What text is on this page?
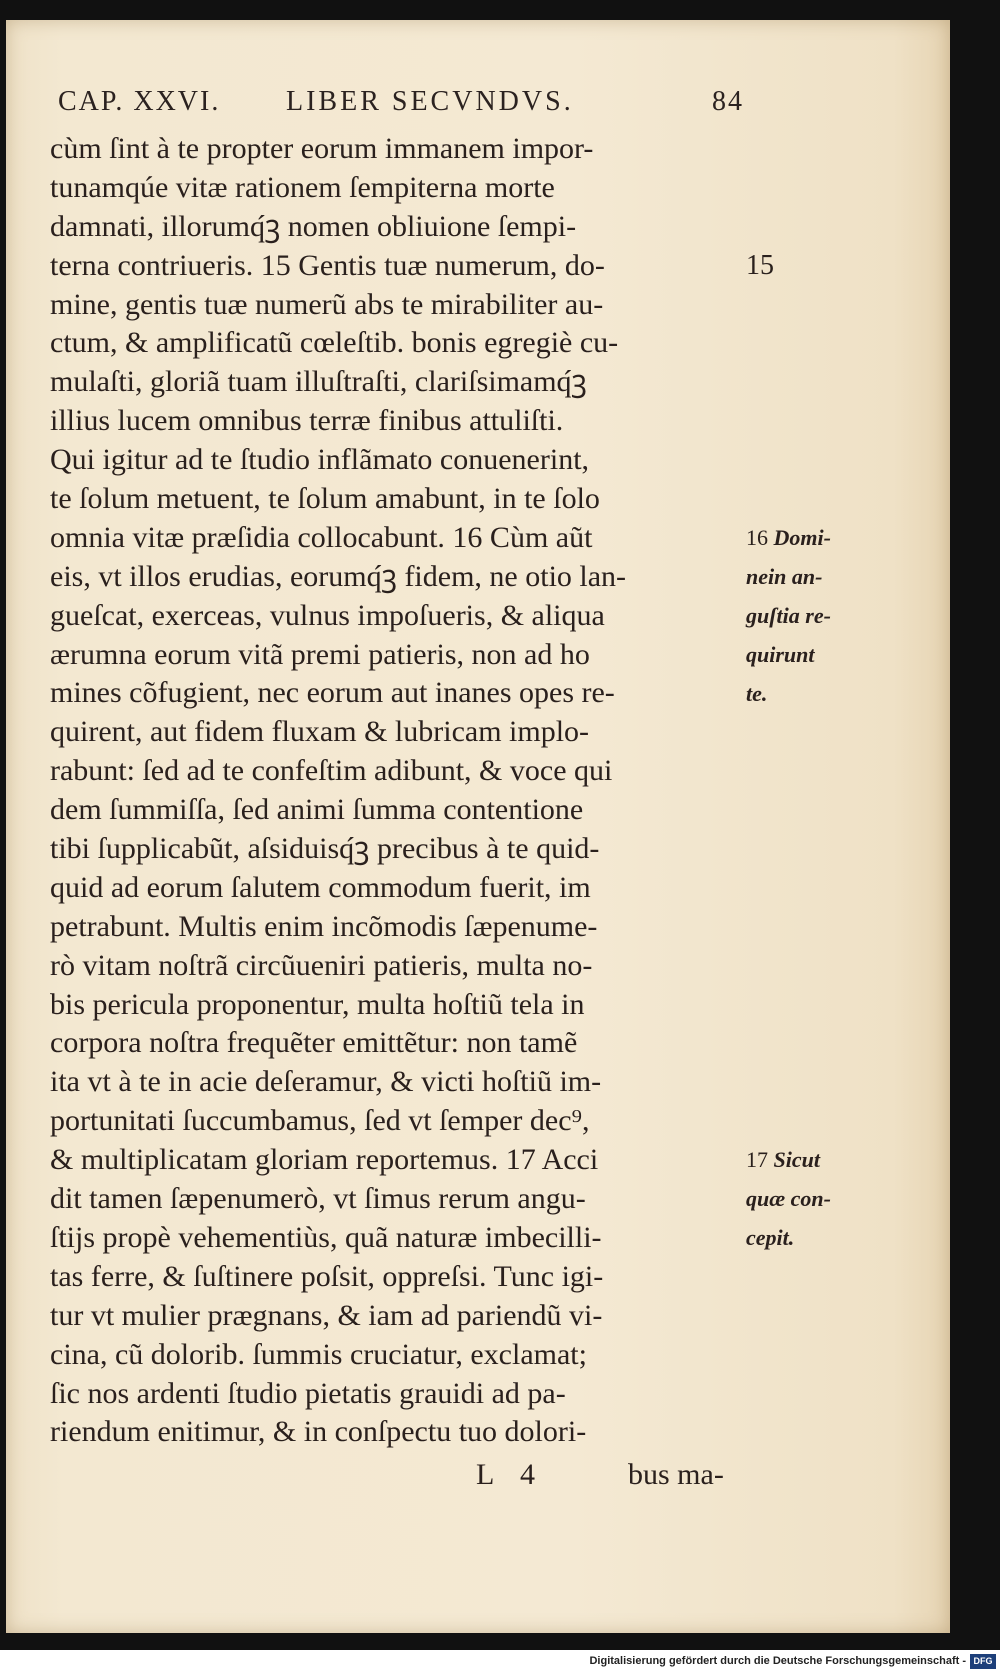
CAP. XXVI. LIBER SECVNDVS.	84
cùm ſint à te propter eorum immanem impor-
tunamqúe vitæ rationem ſempiterna morte
damnati, illorumq́ꝫ nomen obliuione ſempi-
terna contriueris. 15 Gentis tuæ numerum, do-
mine, gentis tuæ numerũ abs te mirabiliter au-
ctum, & amplificatũ cœleſtib. bonis egregiè cu-
mulaſti, gloriã tuam illuſtraſti, clariſsimamq́ꝫ
illius lucem omnibus terræ finibus attuliſti.
Qui igitur ad te ſtudio inflãmato conuenerint,
te ſolum metuent, te ſolum amabunt, in te ſolo
omnia vitæ præſidia collocabunt. 16 Cùm aũt
eis, vt illos erudias, eorumq́ꝫ fidem, ne otio lan-
gueſcat, exerceas, vulnus impoſueris, & aliqua
ærumna eorum vitã premi patieris, non ad ho
mines cõfugient, nec eorum aut inanes opes re-
quirent, aut fidem fluxam & lubricam implo-
rabunt: ſed ad te confeſtim adibunt, & voce qui
dem ſummiſſa, ſed animi ſumma contentione
tibi ſupplicabũt, aſsiduisq́ꝫ precibus à te quid-
quid ad eorum ſalutem commodum fuerit, im
petrabunt. Multis enim incõmodis ſæpenume-
rò vitam noſtrã circũueniri patieris, multa no-
bis pericula proponentur, multa hoſtiũ tela in
corpora noſtra frequẽter emittẽtur: non tamẽ
ita vt à te in acie deſeramur, & victi hoſtiũ im-
portunitati ſuccumbamus, ſed vt ſemper dec⁹,
& multiplicatam gloriam reportemus. 17 Acci
dit tamen ſæpenumerò, vt ſimus rerum angu-
ſtijs propè vehementiùs, quã naturæ imbecilli-
tas ferre, & ſuſtinere poſsit, oppreſsi. Tunc igi-
tur vt mulier prægnans, & iam ad pariendũ vi-
cina, cũ dolorib. ſummis cruciatur, exclamat;
ſic nos ardenti ſtudio pietatis grauidi ad pa-
riendum enitimur, & in conſpectu tuo dolori-
15
16 Domi-
nein an-
guſtia re-
quirunt
te.
17 Sicut
quæ con-
cepit.
L 4	bus ma-
Digitalisierung gefördert durch die Deutsche Forschungsgemeinschaft - DFG
